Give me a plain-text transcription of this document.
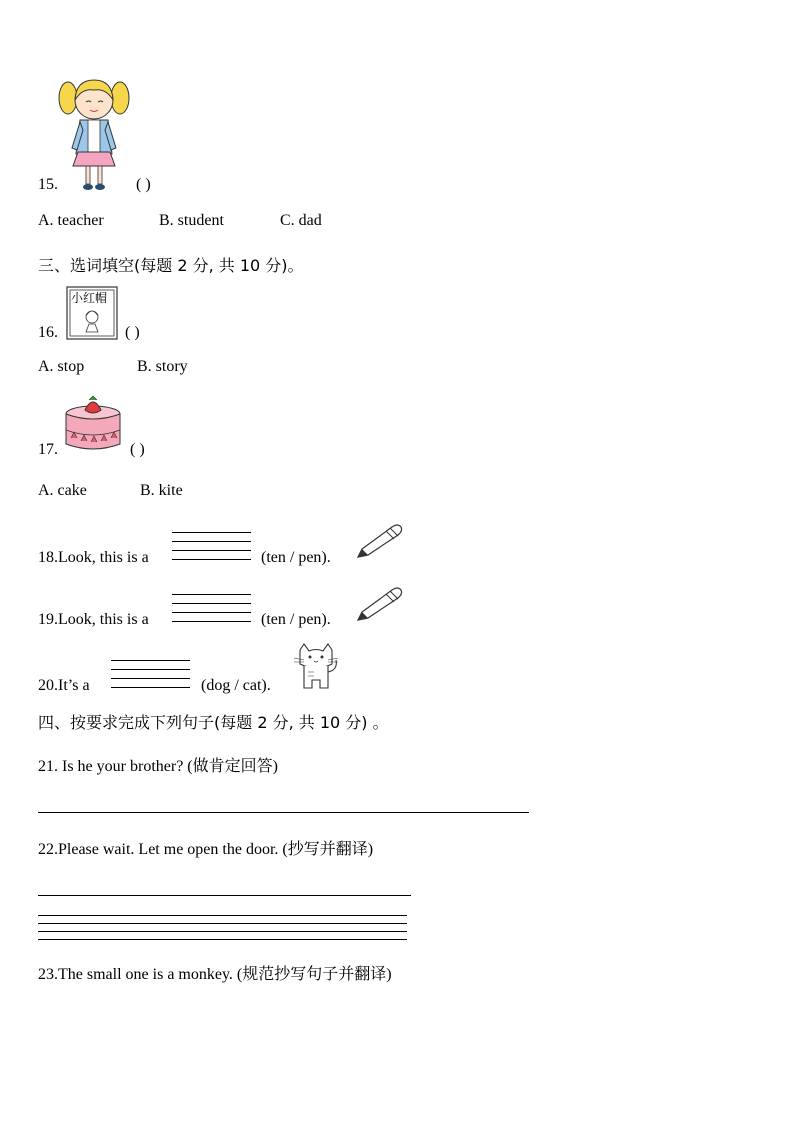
15.	( )
A. teacher	B. student	C. dad
三、选词填空(每题 2 分, 共 10 分)。
16.
小红帽
( )
A. stop	B. story
17.	( )
A. cake	B. kite
18.Look, this is a	(ten / pen).
19.Look, this is a	(ten / pen).
20.It’s a	(dog / cat).
四、按要求完成下列句子(每题 2 分, 共 10 分) 。
21. Is he your brother? (做肯定回答)
22.Please wait. Let me open the door. (抄写并翻译)
23.The small one is a monkey. (规范抄写句子并翻译)
